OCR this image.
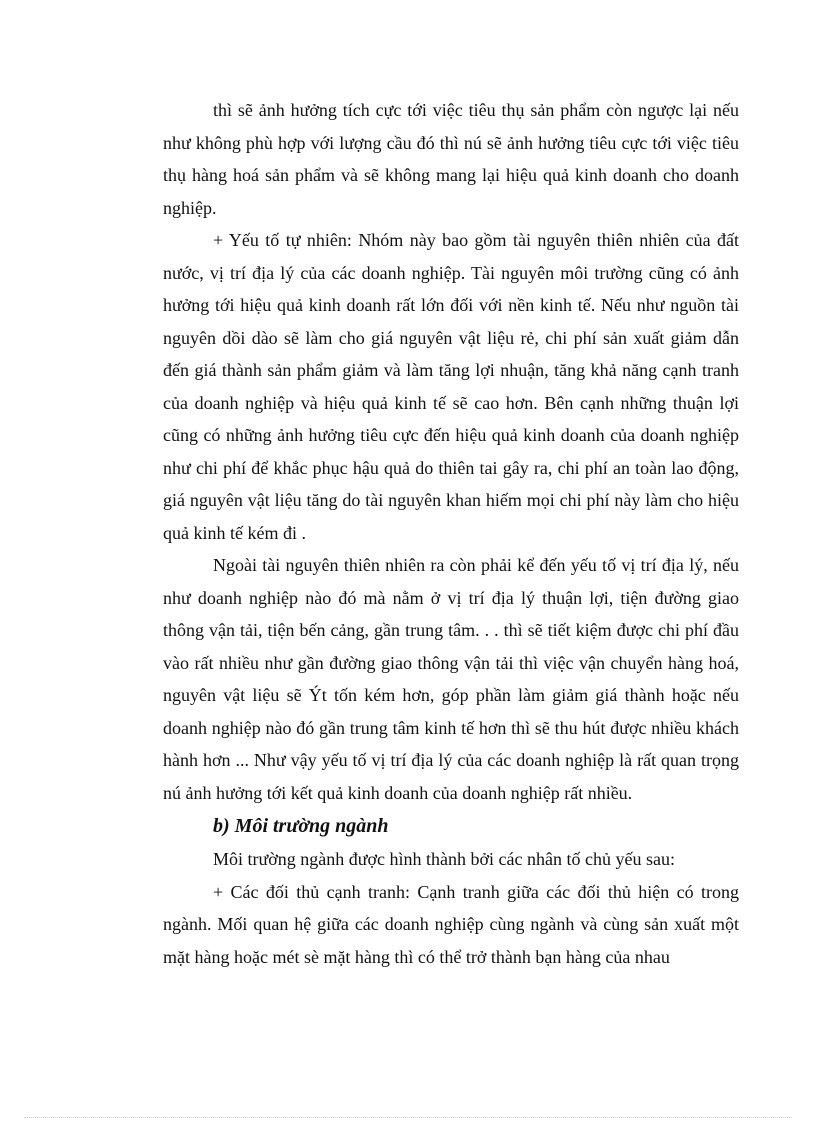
thì sẽ ảnh hưởng tích cực tới việc tiêu thụ sản phẩm còn ngược lại nếu như không phù hợp với lượng cầu đó thì nú sẽ ảnh hưởng tiêu cực tới việc tiêu thụ hàng hoá sản phẩm và sẽ không mang lại hiệu quả kinh doanh cho doanh nghiệp.

+ Yếu tố tự nhiên: Nhóm này bao gồm tài nguyên thiên nhiên của đất nước, vị trí địa lý của các doanh nghiệp. Tài nguyên môi trường cũng có ảnh hưởng tới hiệu quả kinh doanh rất lớn đối với nền kinh tế. Nếu như nguồn tài nguyên dồi dào sẽ làm cho giá nguyên vật liệu rẻ, chi phí sản xuất giảm dẫn đến giá thành sản phẩm giảm và làm tăng lợi nhuận, tăng khả năng cạnh tranh của doanh nghiệp và hiệu quả kinh tế sẽ cao hơn. Bên cạnh những thuận lợi cũng có những ảnh hưởng tiêu cực đến hiệu quả kinh doanh của doanh nghiệp như chi phí để khắc phục hậu quả do thiên tai gây ra, chi phí an toàn lao động, giá nguyên vật liệu tăng do tài nguyên khan hiếm mọi chi phí này làm cho hiệu quả kinh tế kém đi .

Ngoài tài nguyên thiên nhiên ra còn phải kể đến yếu tố vị trí địa lý, nếu như doanh nghiệp nào đó mà nằm ở vị trí địa lý thuận lợi, tiện đường giao thông vận tải, tiện bến cảng, gần trung tâm. . . thì sẽ tiết kiệm được chi phí đầu vào rất nhiều như gần đường giao thông vận tải thì việc vận chuyển hàng hoá, nguyên vật liệu sẽ Ýt tốn kém hơn, góp phần làm giảm giá thành hoặc nếu doanh nghiệp nào đó gần trung tâm kinh tế hơn thì sẽ thu hút được nhiều khách hành hơn ... Như vậy yếu tố vị trí địa lý của các doanh nghiệp là rất quan trọng nú ảnh hưởng tới kết quả kinh doanh của doanh nghiệp rất nhiều.

b) Môi trường ngành

Môi trường ngành được hình thành bởi các nhân tố chủ yếu sau:

+ Các đối thủ cạnh tranh: Cạnh tranh giữa các đối thủ hiện có trong ngành. Mối quan hệ giữa các doanh nghiệp cùng ngành và cùng sản xuất một mặt hàng hoặc mét sè mặt hàng thì có thể trở thành bạn hàng của nhau
